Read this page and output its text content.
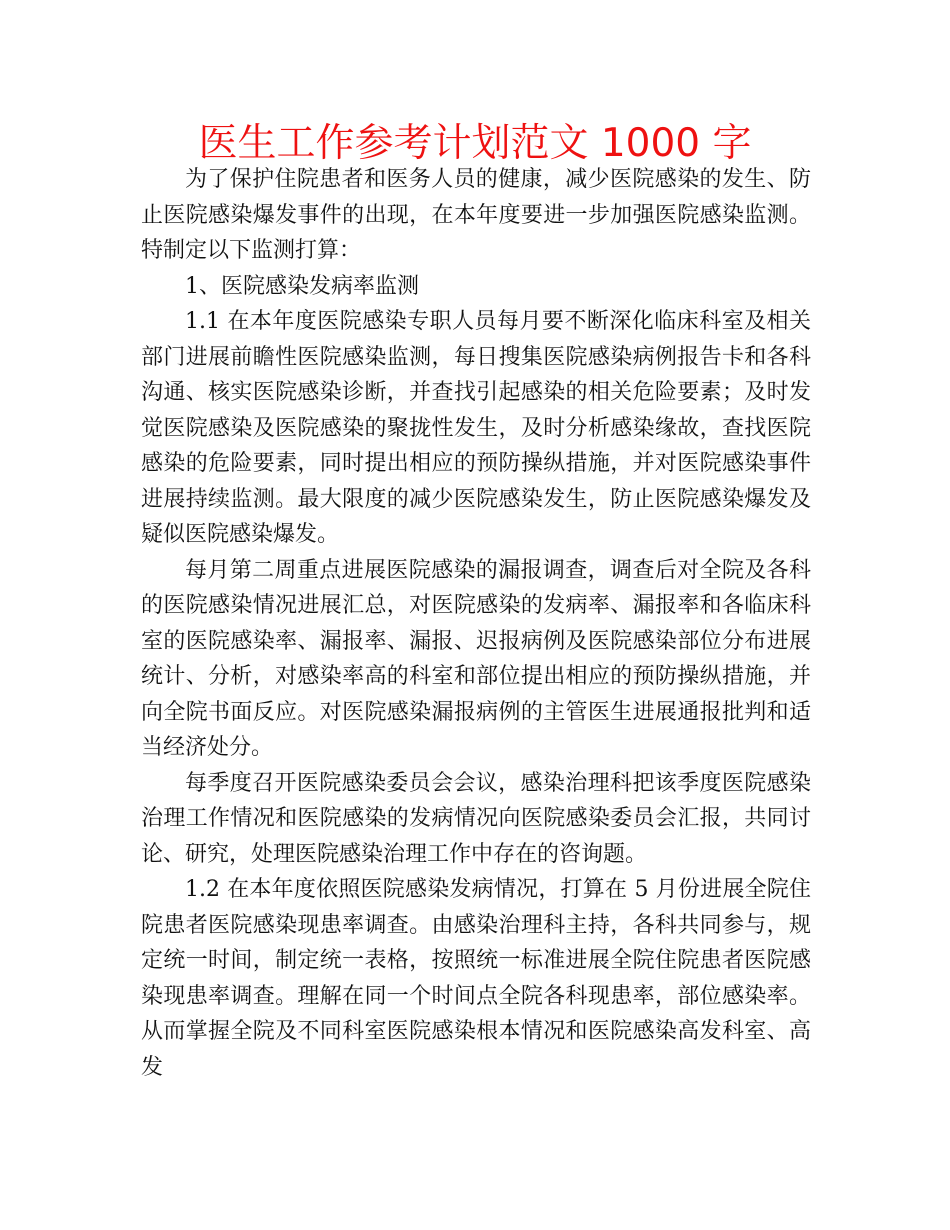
医生工作参考计划范文 1000 字

为了保护住院患者和医务人员的健康，减少医院感染的发生、防止医院感染爆发事件的出现，在本年度要进一步加强医院感染监测。特制定以下监测打算：

1、医院感染发病率监测

1.1 在本年度医院感染专职人员每月要不断深化临床科室及相关部门进展前瞻性医院感染监测，每日搜集医院感染病例报告卡和各科沟通、核实医院感染诊断，并查找引起感染的相关危险要素；及时发觉医院感染及医院感染的聚拢性发生，及时分析感染缘故，查找医院感染的危险要素，同时提出相应的预防操纵措施，并对医院感染事件进展持续监测。最大限度的减少医院感染发生，防止医院感染爆发及疑似医院感染爆发。

每月第二周重点进展医院感染的漏报调查，调查后对全院及各科的医院感染情况进展汇总，对医院感染的发病率、漏报率和各临床科室的医院感染率、漏报率、漏报、迟报病例及医院感染部位分布进展统计、分析，对感染率高的科室和部位提出相应的预防操纵措施，并向全院书面反应。对医院感染漏报病例的主管医生进展通报批判和适当经济处分。

每季度召开医院感染委员会会议，感染治理科把该季度医院感染治理工作情况和医院感染的发病情况向医院感染委员会汇报，共同讨论、研究，处理医院感染治理工作中存在的咨询题。

1.2 在本年度依照医院感染发病情况，打算在 5 月份进展全院住院患者医院感染现患率调查。由感染治理科主持，各科共同参与，规定统一时间，制定统一表格，按照统一标准进展全院住院患者医院感染现患率调查。理解在同一个时间点全院各科现患率，部位感染率。从而掌握全院及不同科室医院感染根本情况和医院感染高发科室、高发
